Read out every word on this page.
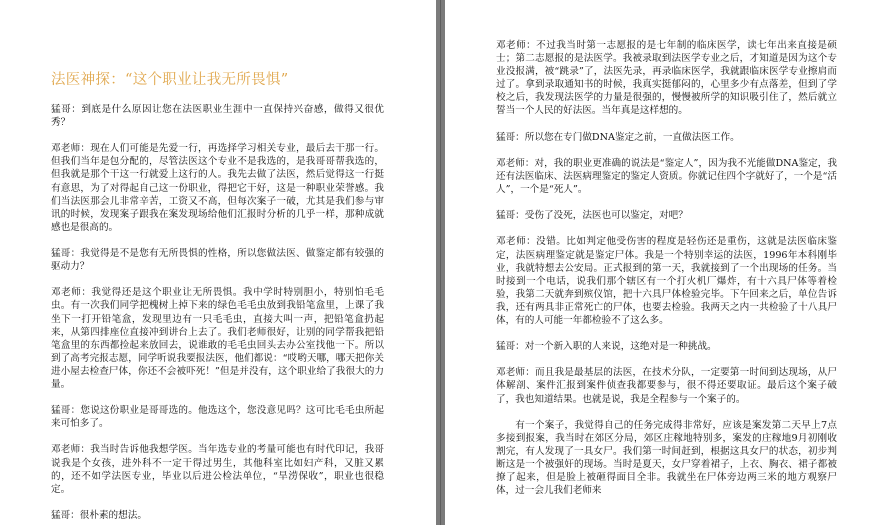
法医神探：“这个职业让我无所畏惧”

猛哥：到底是什么原因让您在法医职业生涯中一直保持兴奋感，做得又很优秀？

邓老师：现在人们可能是先爱一行，再选择学习相关专业，最后去干那一行。但我们当年是包分配的，尽管法医这个专业不是我选的，是我哥哥帮我选的，但我就是那个干这一行就爱上这行的人。我先去做了法医，然后觉得这一行挺有意思，为了对得起自己这一份职业，得把它干好，这是一种职业荣誉感。我们当法医那会儿非常辛苦，工资又不高，但每次案子一破，尤其是我们参与审讯的时候，发现案子跟我在案发现场给他们汇报时分析的几乎一样，那种成就感也是很高的。

猛哥：我觉得是不是您有无所畏惧的性格，所以您做法医、做鉴定都有较强的驱动力？

邓老师：我觉得还是这个职业让无所畏惧。我中学时特别胆小，特别怕毛毛虫。有一次我们同学把槐树上掉下来的绿色毛毛虫放到我铅笔盒里，上课了我坐下一打开铅笔盒，发现里边有一只毛毛虫，直接大叫一声，把铅笔盒扔起来，从第四排座位直接冲到讲台上去了。我们老师很好，让别的同学帮我把铅笔盒里的东西都捡起来放回去，说谁敢的毛毛虫回头去办公室找他一下。所以到了高考完报志愿，同学听说我要报法医，他们都说：“哎哟天哪，哪天把你关进小屋去检查尸体，你还不会被吓死！”但是并没有，这个职业给了我很大的力量。

猛哥：您说这份职业是哥哥选的。他选这个，您没意见吗？这可比毛毛虫所起来可怕多了。

邓老师：我当时告诉他我想学医。当年选专业的考量可能也有时代印记，我哥说我是个女孩，进外科不一定干得过男生，其他科室比如妇产科，又脏又累的，还不如学法医专业，毕业以后进公检法单位，“旱涝保收”，职业也很稳定。

猛哥：很朴素的想法。

邓老师：不过我当时第一志愿报的是七年制的临床医学，读七年出来直接是硕士；第二志愿报的是法医学。我被录取到法医学专业之后，才知道是因为这个专业没报满，被“跳录”了，法医先录，再录临床医学，我就跟临床医学专业擦肩而过了。拿到录取通知书的时候，我真实挺郁闷的，心里多少有点落差，但到了学校之后，我发现法医学的力量是很强的，慢慢被所学的知识吸引住了，然后就立誓当一个人民的好法医。当年真是这样想的。

猛哥：所以您在专门做DNA鉴定之前，一直做法医工作。

邓老师：对，我的职业更准确的说法是“鉴定人”，因为我不光能做DNA鉴定，我还有法医临床、法医病理鉴定的鉴定人资质。你就记住四个字就好了，一个是“活人”，一个是“死人”。

猛哥：受伤了没死，法医也可以鉴定，对吧？

邓老师：没错。比如判定他受伤害的程度是轻伤还是重伤，这就是法医临床鉴定，法医病理鉴定就是鉴定尸体。我是一个特别幸运的法医，1996年本科刚毕业，我就特想去公安局。正式报到的第一天，我就接到了一个出现场的任务。当时接到一个电话，说我们那个辖区有一个打火机厂爆炸，有十六具尸体等着检验，我第二天就奔到殡仪馆，把十六具尸体检验完毕。下午回来之后，单位告诉我，还有两具非正常死亡的尸体，也要去检验。我两天之内一共检验了十八具尸体，有的人可能一年都检验不了这么多。

猛哥：对一个新入职的人来说，这绝对是一种挑战。

邓老师：而且我是最基层的法医，在技术分队，一定要第一时间到达现场，从尸体解剖、案件汇报到案件侦查我都要参与，很不得还要取证。最后这个案子破了，我也知道结果。也就是说，我是全程参与一个案子的。

有一个案子，我觉得自己的任务完成得非常好，应该是案发第二天早上7点多接到报案，我当时在郊区分局，郊区庄稼地特别多，案发的庄稼地9月初刚收割完，有人发现了一具女尸。我们第一时间赶到，根据这具女尸的状态，初步判断这是一个被强奸的现场。当时是夏天，女尸穿着裙子，上衣、胸衣、裙子都被撩了起来，但是脸上被砸得面目全非。我就坐在尸体旁边两三米的地方观察尸体，过一会儿我们老师来
